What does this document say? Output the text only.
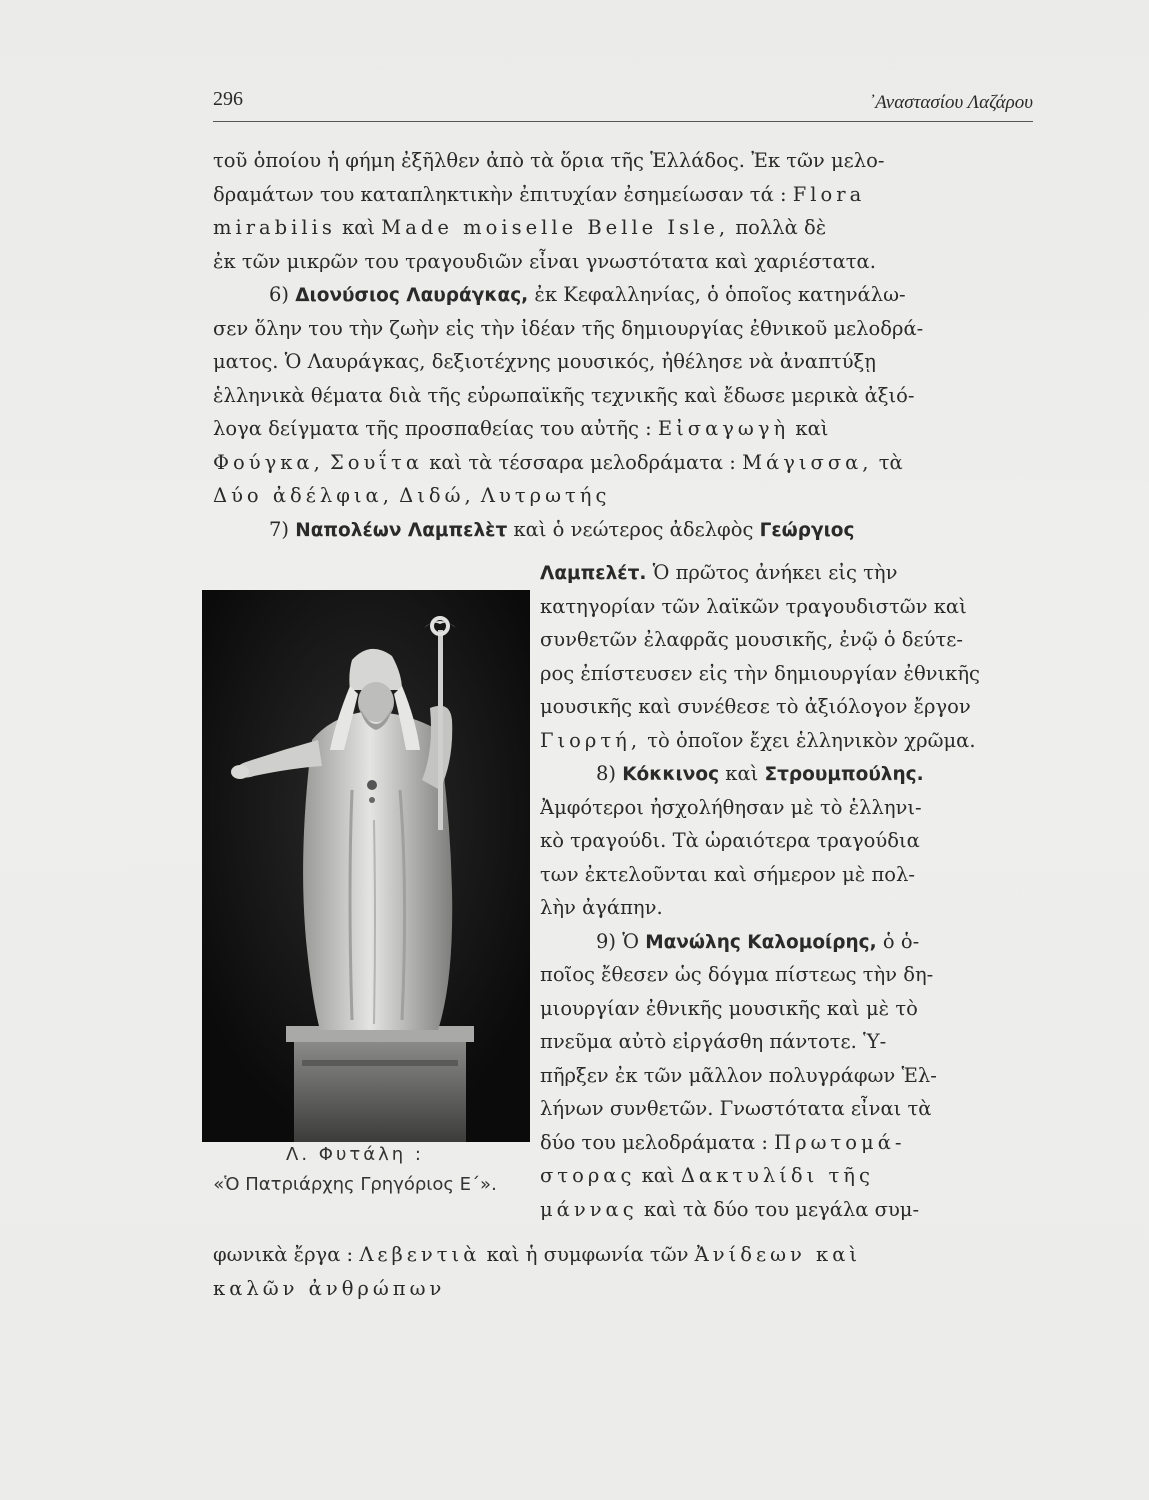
296	᾿Αναστασίου Λαζάρου
τοῦ ὁποίου ἡ φήμη ἐξῆλθεν ἀπὸ τὰ ὅρια τῆς Ἑλλάδος. Ἐκ τῶν μελο-
δραμάτων του καταπληκτικὴν ἐπιτυχίαν ἐσημείωσαν τά : Flora
mirabilis καὶ Made moiselle Belle Isle, πολλὰ δὲ
ἐκ τῶν μικρῶν του τραγουδιῶν εἶναι γνωστότατα καὶ χαριέστατα.
6) Διονύσιος Λαυράγκας, ἐκ Κεφαλληνίας, ὁ ὁποῖος κατηνάλω-
σεν ὅλην του τὴν ζωὴν εἰς τὴν ἰδέαν τῆς δημιουργίας ἐθνικοῦ μελοδρά-
ματος. Ὁ Λαυράγκας, δεξιοτέχνης μουσικός, ἠθέλησε νὰ ἀναπτύξῃ
ἑλληνικὰ θέματα διὰ τῆς εὐρωπαϊκῆς τεχνικῆς καὶ ἔδωσε μερικὰ ἀξιό-
λογα δείγματα τῆς προσπαθείας του αὐτῆς : Εἰσαγωγὴ καὶ
Φούγκα, Σουΐτα καὶ τὰ τέσσαρα μελοδράματα : Μάγισσα, τὰ
Δύο ἀδέλφια, Διδώ, Λυτρωτής
7) Ναπολέων Λαμπελὲτ καὶ ὁ νεώτερος ἀδελφὸς Γεώργιος
Λ. Φυτάλη :
«Ὁ Πατριάρχης Γρηγόριος Ε΄».
Λαμπελέτ. Ὁ πρῶτος ἀνήκει εἰς τὴν
κατηγορίαν τῶν λαϊκῶν τραγουδιστῶν καὶ
συνθετῶν ἐλαφρᾶς μουσικῆς, ἐνῷ ὁ δεύτε-
ρος ἐπίστευσεν εἰς τὴν δημιουργίαν ἐθνικῆς
μουσικῆς καὶ συνέθεσε τὸ ἀξιόλογον ἔργον
Γιορτή, τὸ ὁποῖον ἔχει ἑλληνικὸν χρῶμα.
8) Κόκκινος καὶ Στρουμπούλης.
Ἀμφότεροι ἠσχολήθησαν μὲ τὸ ἑλληνι-
κὸ τραγούδι. Τὰ ὡραιότερα τραγούδια
των ἐκτελοῦνται καὶ σήμερον μὲ πολ-
λὴν ἀγάπην.
9) Ὁ Μανώλης Καλομοίρης, ὁ ὁ-
ποῖος ἔθεσεν ὡς δόγμα πίστεως τὴν δη-
μιουργίαν ἐθνικῆς μουσικῆς καὶ μὲ τὸ
πνεῦμα αὐτὸ εἰργάσθη πάντοτε. Ὑ-
πῆρξεν ἐκ τῶν μᾶλλον πολυγράφων Ἑλ-
λήνων συνθετῶν. Γνωστότατα εἶναι τὰ
δύο του μελοδράματα : Πρωτομά-
στορας καὶ Δακτυλίδι τῆς
μάννας καὶ τὰ δύο του μεγάλα συμ-
φωνικὰ ἔργα : Λεβεντιὰ καὶ ἡ συμφωνία τῶν Ἀνίδεων καὶ
καλῶν ἀνθρώπων
